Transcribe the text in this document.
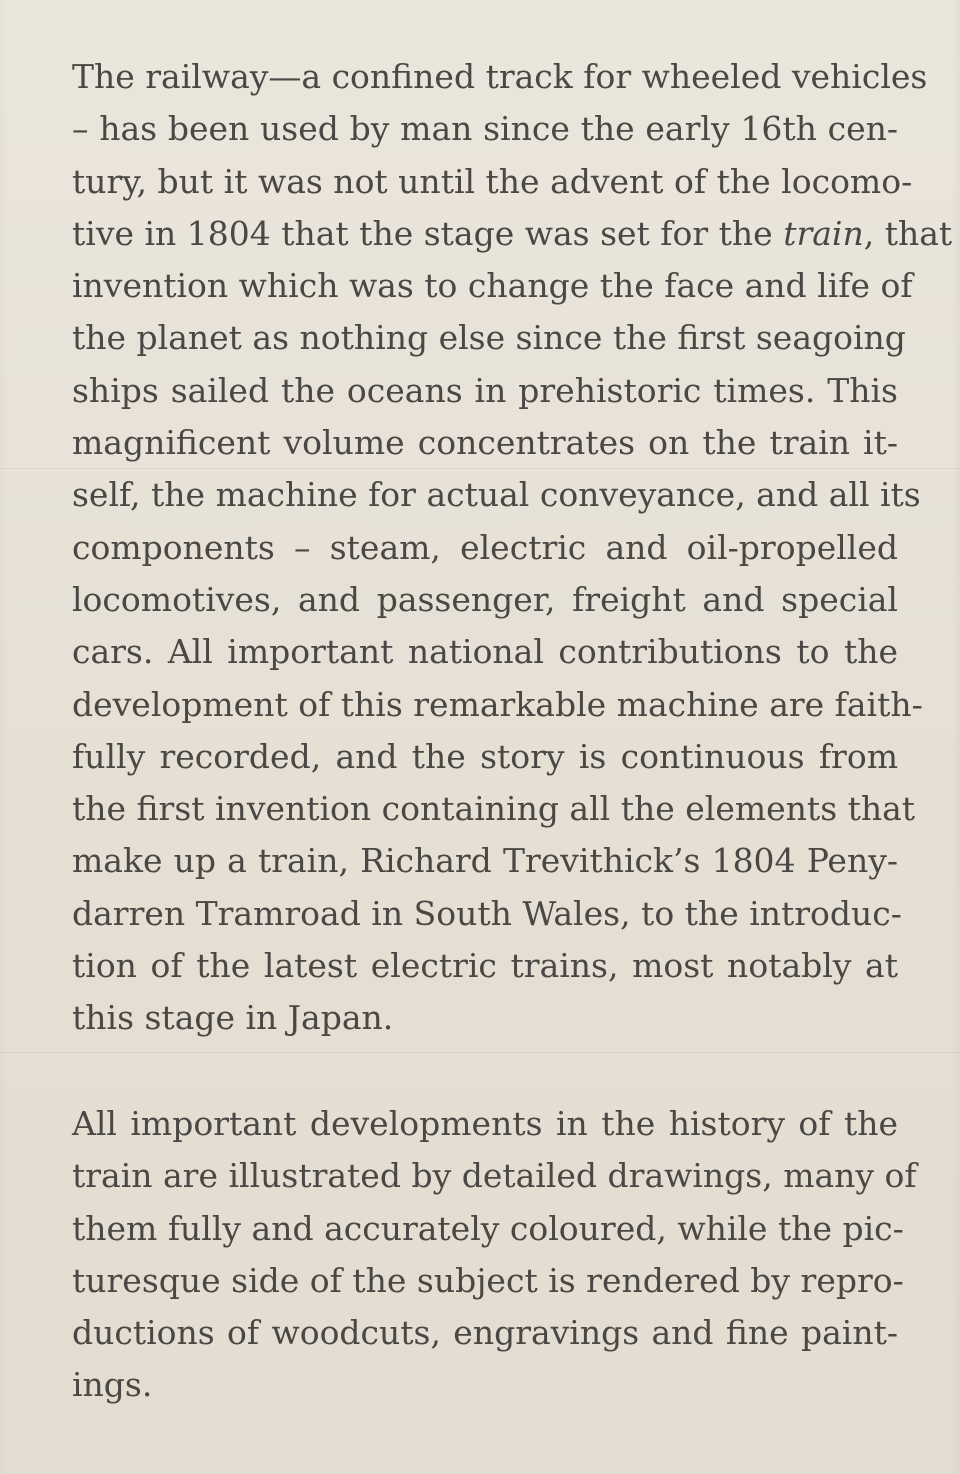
The railway—a confined track for wheeled vehicles
– has been used by man since the early 16th cen-
tury, but it was not until the advent of the locomo-
tive in 1804 that the stage was set for the train, that
invention which was to change the face and life of
the planet as nothing else since the first seagoing
ships sailed the oceans in prehistoric times. This
magnificent volume concentrates on the train it-
self, the machine for actual conveyance, and all its
components – steam, electric and oil-propelled
locomotives, and passenger, freight and special
cars. All important national contributions to the
development of this remarkable machine are faith-
fully recorded, and the story is continuous from
the first invention containing all the elements that
make up a train, Richard Trevithick’s 1804 Peny-
darren Tramroad in South Wales, to the introduc-
tion of the latest electric trains, most notably at
this stage in Japan.
All important developments in the history of the
train are illustrated by detailed drawings, many of
them fully and accurately coloured, while the pic-
turesque side of the subject is rendered by repro-
ductions of woodcuts, engravings and fine paint-
ings.
